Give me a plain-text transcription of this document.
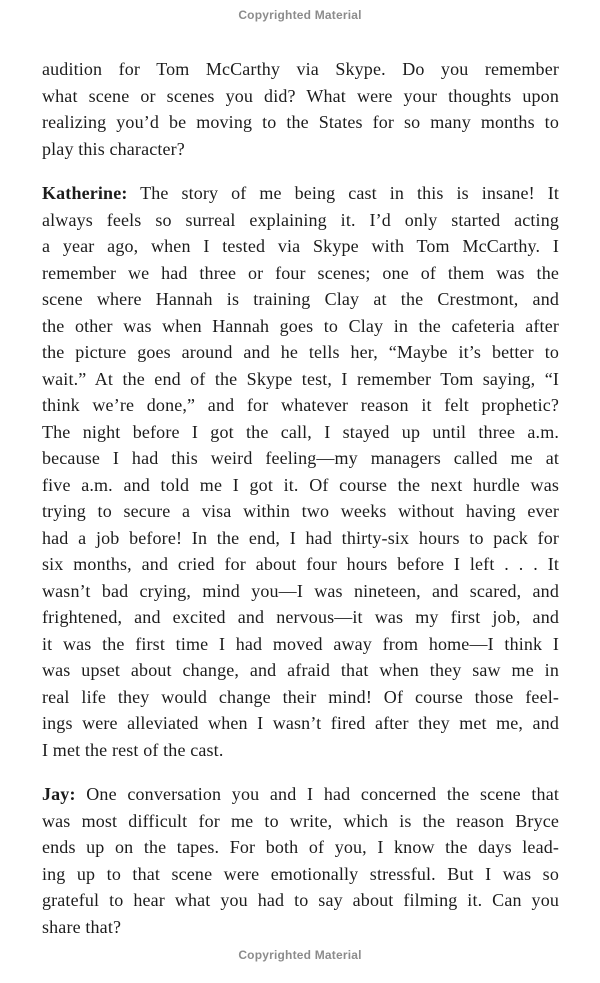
Copyrighted Material
audition for Tom McCarthy via Skype. Do you remember
what scene or scenes you did? What were your thoughts upon
realizing you’d be moving to the States for so many months to
play this character?
Katherine: The story of me being cast in this is insane! It
always feels so surreal explaining it. I’d only started acting
a year ago, when I tested via Skype with Tom McCarthy. I
remember we had three or four scenes; one of them was the
scene where Hannah is training Clay at the Crestmont, and
the other was when Hannah goes to Clay in the cafeteria after
the picture goes around and he tells her, “Maybe it’s better to
wait.” At the end of the Skype test, I remember Tom saying, “I
think we’re done,” and for whatever reason it felt prophetic?
The night before I got the call, I stayed up until three a.m.
because I had this weird feeling—my managers called me at
five a.m. and told me I got it. Of course the next hurdle was
trying to secure a visa within two weeks without having ever
had a job before! In the end, I had thirty-six hours to pack for
six months, and cried for about four hours before I left . . . It
wasn’t bad crying, mind you—I was nineteen, and scared, and
frightened, and excited and nervous—it was my first job, and
it was the first time I had moved away from home—I think I
was upset about change, and afraid that when they saw me in
real life they would change their mind! Of course those feel-
ings were alleviated when I wasn’t fired after they met me, and
I met the rest of the cast.
Jay: One conversation you and I had concerned the scene that
was most difficult for me to write, which is the reason Bryce
ends up on the tapes. For both of you, I know the days lead-
ing up to that scene were emotionally stressful. But I was so
grateful to hear what you had to say about filming it. Can you
share that?
Copyrighted Material
